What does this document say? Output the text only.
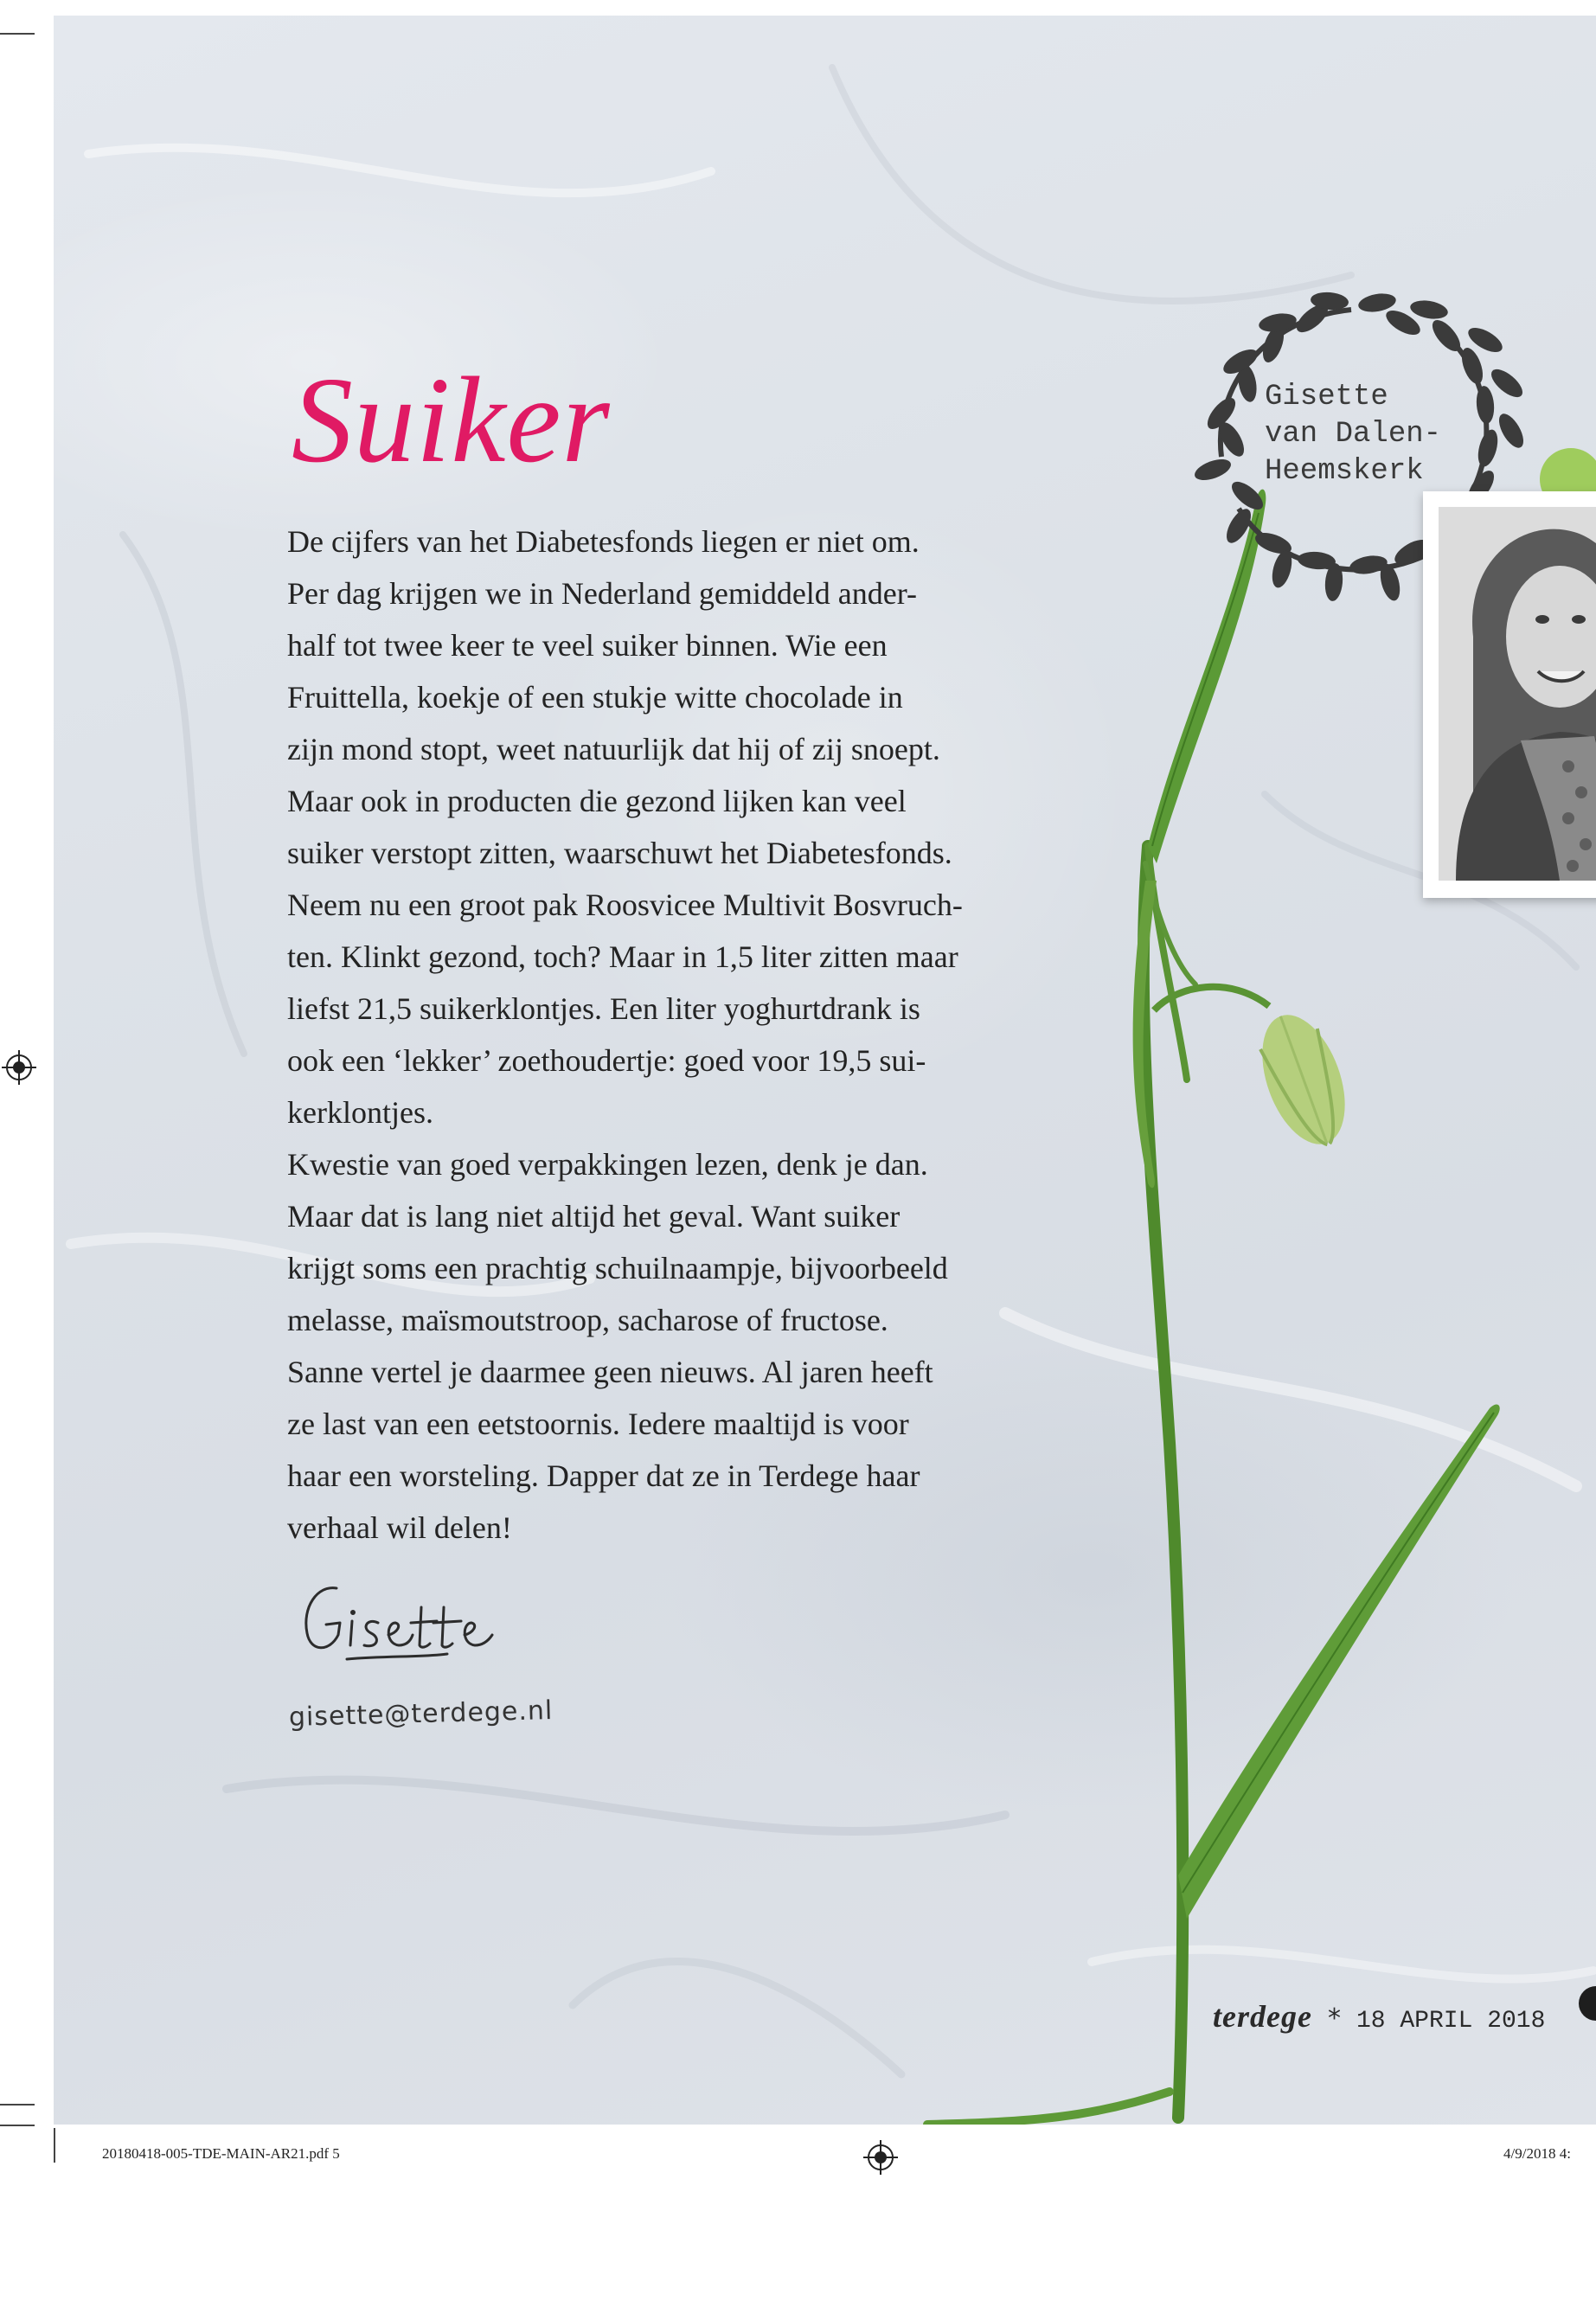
Suiker

De cijfers van het Diabetesfonds liegen er niet om.
Per dag krijgen we in Nederland gemiddeld ander-
half tot twee keer te veel suiker binnen. Wie een
Fruittella, koekje of een stukje witte chocolade in
zijn mond stopt, weet natuurlijk dat hij of zij snoept.
Maar ook in producten die gezond lijken kan veel
suiker verstopt zitten, waarschuwt het Diabetesfonds.
Neem nu een groot pak Roosvicee Multivit Bosvruch-
ten. Klinkt gezond, toch? Maar in 1,5 liter zitten maar
liefst 21,5 suikerklontjes. Een liter yoghurtdrank is
ook een ‘lekker’ zoethoudertje: goed voor 19,5 sui-
kerklontjes.
Kwestie van goed verpakkingen lezen, denk je dan.
Maar dat is lang niet altijd het geval. Want suiker
krijgt soms een prachtig schuilnaampje, bijvoorbeeld
melasse, maïsmoutstroop, sacharose of fructose.
Sanne vertel je daarmee geen nieuws. Al jaren heeft
ze last van een eetstoornis. Iedere maaltijd is voor
haar een worsteling. Dapper dat ze in Terdege haar
verhaal wil delen!

gisette@terdege.nl

Gisette
van Dalen-
Heemskerk

terdege * 18 APRIL 2018

20180418-005-TDE-MAIN-AR21.pdf 5	4/9/2018 4:
